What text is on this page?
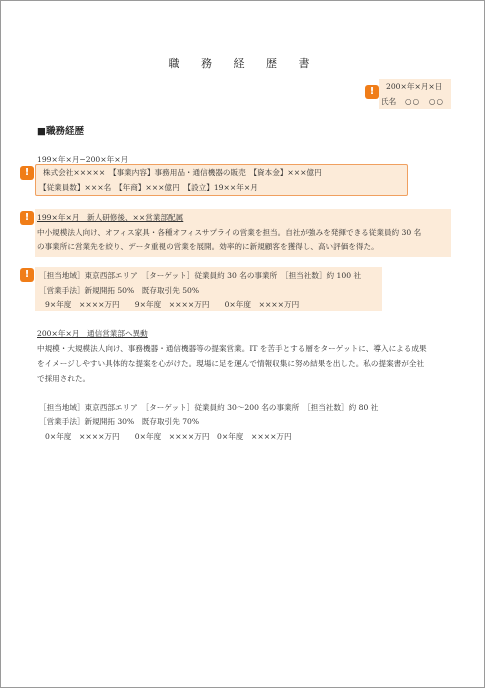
職 務 経 歴 書
!	200×年×月×日
氏名 ○○　○○
■職務経歴
199×年×月−200×年×月
!	株式会社×××××　【事業内容】事務用品・通信機器の販売　【資本金】×××億円
【従業員数】×××名　【年商】×××億円　【設立】19××年×月
!	199×年×月　新人研修後、××営業部配属
中小規模法人向け、オフィス家具・各種オフィスサプライの営業を担当。自社が強みを発揮できる従業員約 30 名
の事業所に営業先を絞り、データ重視の営業を展開。効率的に新規顧客を獲得し、高い評価を得た。
!	［担当地域］東京西部エリア　［ターゲット］従業員約 30 名の事業所　［担当社数］約 100 社
［営業手法］新規開拓 50%　既存取引先 50%
9×年度　××××万円　　9×年度　××××万円　　0×年度　××××万円
200×年×月　通信営業部へ異動
中規模・大規模法人向け、事務機器・通信機器等の提案営業。IT を苦手とする層をターゲットに、導入による成果
をイメージしやすい具体的な提案を心がけた。現場に足を運んで情報収集に努め結果を出した。私の提案書が全社
で採用された。
［担当地域］東京西部エリア　［ターゲット］従業員約 30～200 名の事業所　［担当社数］約 80 社
［営業手法］新規開拓 30%　既存取引先 70%
0×年度　××××万円　　0×年度　××××万円　0×年度　××××万円
